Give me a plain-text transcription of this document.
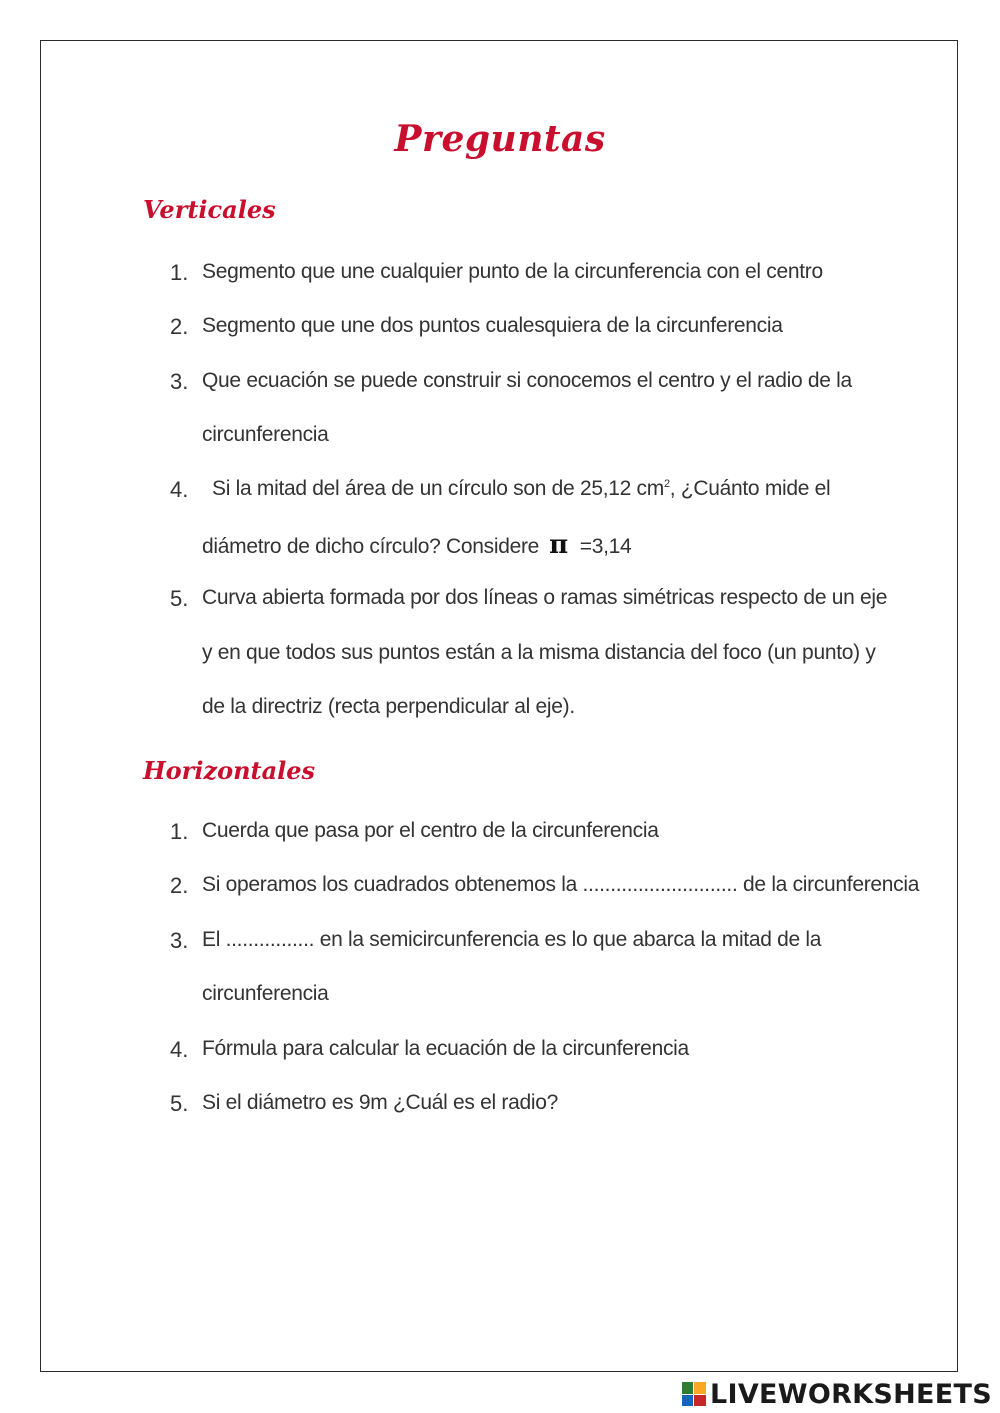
Preguntas
Verticales
1. Segmento que une cualquier punto de la circunferencia con el centro
2. Segmento que une dos puntos cualesquiera de la circunferencia
3. Que ecuación se puede construir si conocemos el centro y el radio de la
circunferencia
4.	Si la mitad del área de un círculo son de 25,12 $cm^2$, ¿Cuánto mide el
diámetro de dicho círculo? Considere π =3,14
5. Curva abierta formada por dos líneas o ramas simétricas respecto de un eje
y en que todos sus puntos están a la misma distancia del foco (un punto) y
de la directriz (recta perpendicular al eje).
Horizontales
1. Cuerda que pasa por el centro de la circunferencia
2. Si operamos los cuadrados obtenemos la ............................ de la circunferencia
3. El ................ en la semicircunferencia es lo que abarca la mitad de la
circunferencia
4. Fórmula para calcular la ecuación de la circunferencia
5. Si el diámetro es 9m ¿Cuál es el radio?
LIVEWORKSHEETS
